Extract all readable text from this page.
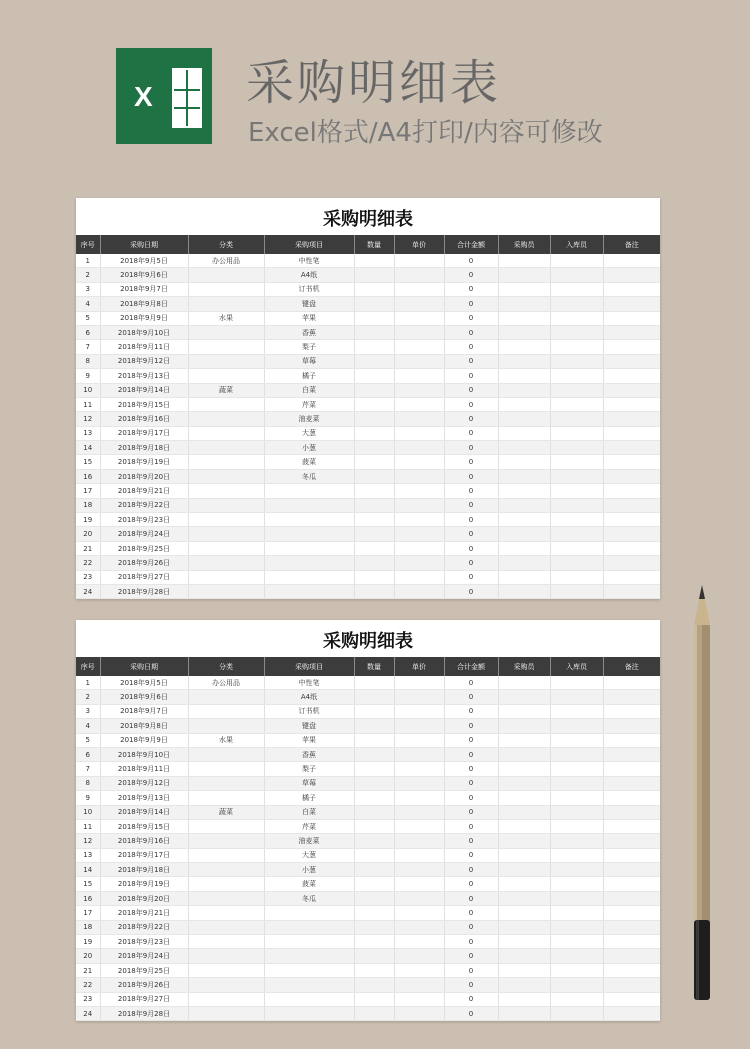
X 采购明细表
Excel格式/A4打印/内容可修改
采购明细表
序号	采购日期	分类	采购项目	数量	单价	合计金额	采购员	入库员	备注
1	2018年9月5日	办公用品	中性笔			0			
2	2018年9月6日		A4纸			0			
3	2018年9月7日		订书机			0			
4	2018年9月8日		键盘			0			
5	2018年9月9日	水果	苹果			0			
6	2018年9月10日		香蕉			0			
7	2018年9月11日		梨子			0			
8	2018年9月12日		草莓			0			
9	2018年9月13日		橘子			0			
10	2018年9月14日	蔬菜	白菜			0			
11	2018年9月15日		芹菜			0			
12	2018年9月16日		油麦菜			0			
13	2018年9月17日		大葱			0			
14	2018年9月18日		小葱			0			
15	2018年9月19日		菠菜			0			
16	2018年9月20日		冬瓜			0			
17	2018年9月21日					0			
18	2018年9月22日					0			
19	2018年9月23日					0			
20	2018年9月24日					0			
21	2018年9月25日					0			
22	2018年9月26日					0			
23	2018年9月27日					0			
24	2018年9月28日					0			
采购明细表
序号	采购日期	分类	采购项目	数量	单价	合计金额	采购员	入库员	备注
1	2018年9月5日	办公用品	中性笔			0			
2	2018年9月6日		A4纸			0			
3	2018年9月7日		订书机			0			
4	2018年9月8日		键盘			0			
5	2018年9月9日	水果	苹果			0			
6	2018年9月10日		香蕉			0			
7	2018年9月11日		梨子			0			
8	2018年9月12日		草莓			0			
9	2018年9月13日		橘子			0			
10	2018年9月14日	蔬菜	白菜			0			
11	2018年9月15日		芹菜			0			
12	2018年9月16日		油麦菜			0			
13	2018年9月17日		大葱			0			
14	2018年9月18日		小葱			0			
15	2018年9月19日		菠菜			0			
16	2018年9月20日		冬瓜			0			
17	2018年9月21日					0			
18	2018年9月22日					0			
19	2018年9月23日					0			
20	2018年9月24日					0			
21	2018年9月25日					0			
22	2018年9月26日					0			
23	2018年9月27日					0			
24	2018年9月28日					0			
